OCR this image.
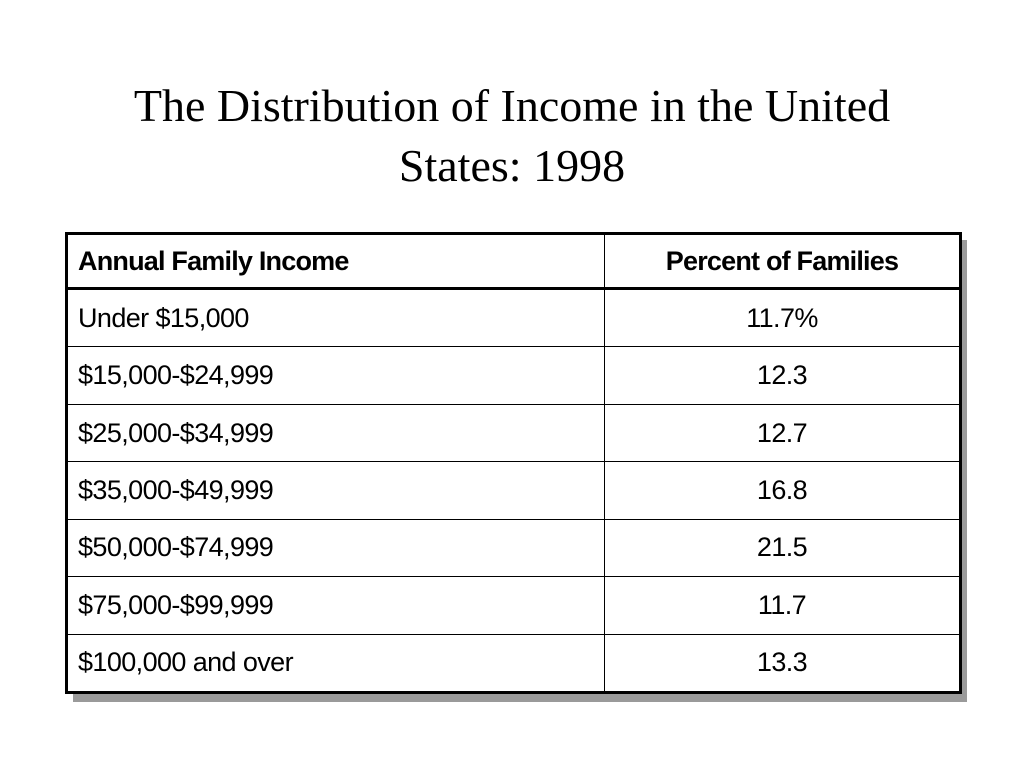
The Distribution of Income in the United
States: 1998
Annual Family Income	Percent of Families
Under $15,000	11.7%
$15,000-$24,999	12.3
$25,000-$34,999	12.7
$35,000-$49,999	16.8
$50,000-$74,999	21.5
$75,000-$99,999	11.7
$100,000 and over	13.3
